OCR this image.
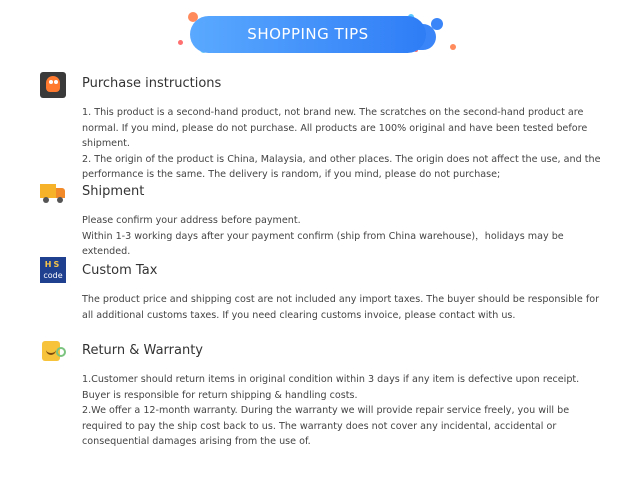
SHOPPING TIPS
Purchase instructions

1. This product is a second-hand product, not brand new. The scratches on the second-hand product are normal. If you mind, please do not purchase. All products are 100% original and have been tested before shipment.

2. The origin of the product is China, Malaysia, and other places. The origin does not affect the use, and the performance is the same. The delivery is random, if you mind, please do not purchase;

Shipment

Please confirm your address before payment.

Within 1-3 working days after your payment confirm (ship from China warehouse)，holidays may be extended.

HS
code Custom Tax

The product price and shipping cost are not included any import taxes. The buyer should be responsible for all additional customs taxes. If you need clearing customs invoice, please contact with us.

Return & Warranty

1.Customer should return items in original condition within 3 days if any item is defective upon receipt. Buyer is responsible for return shipping & handling costs.

2.We offer a 12-month warranty. During the warranty we will provide repair service freely, you will be required to pay the ship cost back to us. The warranty does not cover any incidental, accidental or consequential damages arising from the use of.
